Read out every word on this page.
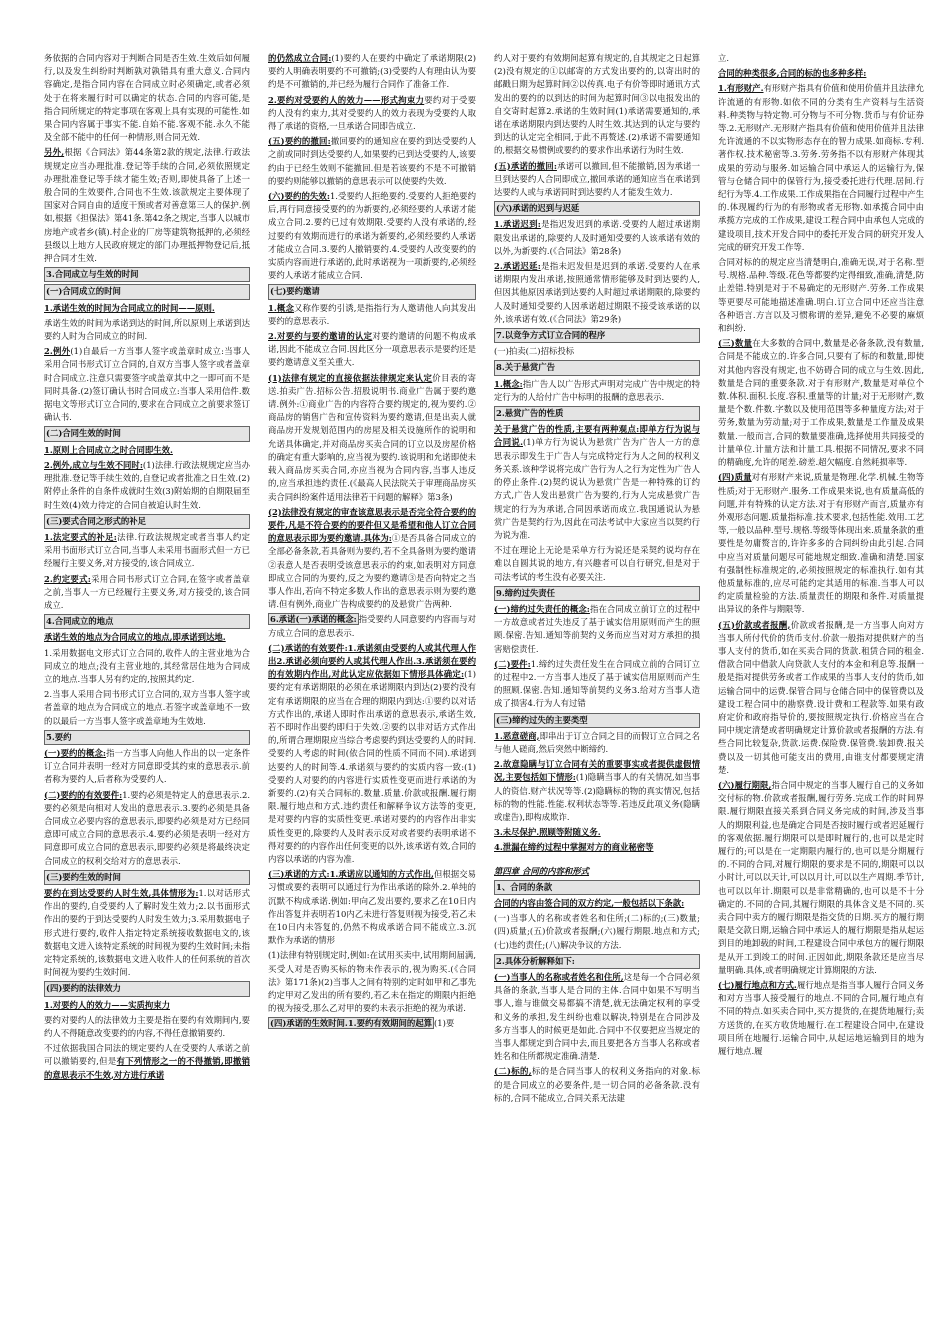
务依据的合同内容对于判断合同是否生效.生效后如何履行,以及发生纠纷时判断孰对孰错具有重大意义.合同内容确定,是指合同内容在合同成立时必须确定,或者必须处于在将来履行时可以确定的状态.合同的内容可能,是指合同所规定的特定事项在客观上具有实现的可能性.如果合同内容属于事实不能.自始不能.客观不能.永久不能及全部不能中的任何一种情形,则合同无效.

另外,根据《合同法》第44条第2款的规定,法律.行政法规规定应当办理批准.登记等手续的合同,必须依照规定办理批准登记等手续才能生效;否则,即使具备了上述一般合同的生效要件,合同也不生效.该款规定主要体现了国家对合同自由的适度干预或者对善意第三人的保护.例如,根据《担保法》第41条.第42条之规定,当事人以城市房地产或者乡(镇).村企业的厂房等建筑物抵押的,必须经县级以上地方人民政府规定的部门办理抵押物登记后,抵押合同才生效.

3.合同成立与生效的时间

(一)合同成立的时间

1.承诺生效的时间为合同成立的时间——原则.

承诺生效的时间为承诺到达的时间,所以原则上承诺到达要约人时为合同成立的时间.

2.例外(1)自最后一方当事人签字或盖章时成立:当事人采用合同书形式订立合同的,自双方当事人签字或者盖章时合同成立.注意只需要签字或盖章其中之一即可而不是同时具备.(2)签订确认书时合同成立:当事人采用信件.数据电文等形式订立合同的,要求在合同成立之前要求签订确认书.

(二)合同生效的时间

1.原则上合同成立之时合同即生效.

2.例外,成立与生效不同时:(1)法律.行政法规规定应当办理批准.登记等手续生效的,自登记或者批准之日生效.(2)附停止条件的自条件成就时生效(3)附始期的自期限届至时生效(4)效力待定的合同自被追认时生效.

(三)要式合同之形式的补足

1.法定要式的补足:法律.行政法规规定或者当事人约定采用书面形式订立合同,当事人未采用书面形式但一方已经履行主要义务,对方接受的,该合同成立.

2.约定要式:采用合同书形式订立合同,在签字或者盖章之前,当事人一方已经履行主要义务,对方接受的,该合同成立.

4.合同成立的地点

承诺生效的地点为合同成立的地点,即承诺到达地.

1.采用数据电文形式订立合同的,收件人的主营业地为合同成立的地点;没有主营业地的,其经常居住地为合同成立的地点.当事人另有约定的,按照其约定.

2.当事人采用合同书形式订立合同的,双方当事人签字或者盖章的地点为合同成立的地点.若签字或盖章地不一致的以最后一方当事人签字或盖章地为生效地.

5.要约

(一)要约的概念:指一方当事人向他人作出的以一定条件订立合同并表明一经对方同意即受其约束的意思表示.前者称为要约人,后者称为受要约人.

(二)要约的有效要件:1.要约必须是特定人的意思表示.2.要约必须是向相对人发出的意思表示.3.要约必须是具备合同成立必要内容的意思表示,即要约必须是对方已经同意即可成立合同的意思表示.4.要约必须是表明一经对方同意即可成立合同的意思表示,即要约必须是将最终决定合同成立的权利交给对方的意思表示.

(三)要约生效的时间

要约在到达受要约人时生效,具体情形为:1.以对话形式作出的要约,自受要约人了解时发生效力;2.以书面形式作出的要约于到达受要约人时发生效力;3.采用数据电子形式进行要约,收件人指定特定系统接收数据电文的,该数据电文进入该特定系统的时间视为要约生效时间;未指定特定系统的,该数据电文进入收件人的任何系统的首次时间视为要约生效时间.

(四)要约的法律效力

1.对要约人的效力——实质拘束力

要约对要约人的法律效力主要是指在要约有效期间内,要约人不得随意改变要约的内容,不得任意撤销要约.

不过依据我国合同法的规定要约人在受要约人承诺之前可以撤销要约,但是有下列情形之一的不得撤销,即撤销的意思表示不生效,对方进行承诺

的仍然成立合同:(1)要约人在要约中确定了承诺期限(2)要约人明确表明要约不可撤销;(3)受要约人有理由认为要约是不可撤销的,并已经为履行合同作了准备工作.

2.要约对受要约人的效力——形式拘束力要约对于受要约人没有约束力,其对受要约人的效力表现为受要约人取得了承诺的资格,一旦承诺合同即告成立.

(五)要约的撤回:撤回要约的通知应在要约到达受要约人之前或同时到达受要约人,如果要约已到达受要约人,该要约由于已经生效则不能撤回.但是若该要约不是不可撤销的要约则能够以撤销的意思表示可以使要约失效.

(六)要约的失效:1.受要约人拒绝要约.受要约人拒绝要约后,再行同意接受要约的为新要约,必须经要约人承诺才能成立合同.2.要约已过有效期限.受要约人没有承诺的,经过要约有效期而进行的承诺为新要约,必须经要约人承诺才能成立合同.3.要约人撤销要约.4.受要约人改变要约的实质内容而进行承诺的,此时承诺视为一项新要约,必须经要约人承诺才能成立合同.

(七)要约邀请

1.概念又称作要约引诱,是指指行为人邀请他人向其发出要约的意思表示.

2.对要约与要约邀请的认定对要约邀请的问题不构成承诺,因此不能成立合同.因此区分一项意思表示是要约还是要约邀请意义至关重大.

(1)法律有规定的直接依据法律规定来认定价目表的寄送.拍卖广告.招标公告.招股说明书.商业广告属于要约邀请.例外:①商业广告的内容符合要约规定的,视为要约.②商品房的销售广告和宣传资料为要约邀请,但是出卖人就商品房开发规划范围内的房屋及相关设施所作的说明和允诺具体确定,并对商品房买卖合同的订立以及房屋价格的确定有重大影响的,应当视为要约.该说明和允诺即使未载入商品房买卖合同,亦应当视为合同内容,当事人违反的,应当承担违约责任.(《最高人民法院关于审理商品房买卖合同纠纷案件适用法律若干问题的解释》第3条)

(2)法律没有规定的审查该意思表示是否完全符合要约的要件,凡是不符合要约的要件但又是希望和他人订立合同的意思表示即为要约邀请.具体为:①是否具备合同成立的全部必备条款,若具备则为要约,若不全具备则为要约邀请②表意人是否表明受该意思表示的约束,如表明对方同意即成立合同的为要约,反之为要约邀请③是否向特定之当事人作出,若向不特定多数人作出的意思表示则为要约邀请.但有例外,商业广告构成要约的及悬赏广告两种.

6.承诺(一)承诺的概念: 指受要约人同意要约内容而与对方成立合同的意思表示.

(二)承诺的有效要件:1.承诺须由受要约人或其代理人作出2.承诺必须向要约人或其代理人作出.3.承诺须在要约的有效期内作出,对此认定应依据如下情形具体确定:(1)要约定有承诺期限的必须在承诺期限内到达(2)要约没有定有承诺期限的应当在合理的期限内到达:①要约以对话方式作出的,承诺人即时作出承诺的意思表示,承诺生效,若不即时作出要约即归于失效.②要约以非对话方式作出的,所谓合理期限应当综合考虑要约到达受要约人的时间.受要约人考虑的时间(依合同的性质不同而不同).承诺到达要约人的时间等.4.承诺须与要约的实质内容一致:(1)受要约人对要约的内容进行实质性变更而进行承诺的为新要约.(2)有关合同标的.数量.质量.价款或报酬.履行期限.履行地点和方式.违约责任和解释争议方法等的变更,是对要约内容的实质性变更.承诺对要约的内容作出非实质性变更的,除要约人及时表示反对或者要约表明承诺不得对要约的内容作出任何变更的以外,该承诺有效,合同的内容以承诺的内容为准.

(三)承诺的方式:1.承诺应以通知的方式作出,但根据交易习惯或要约表明可以通过行为作出承诺的除外.2.单纯的沉默不构成承诺.例如:甲向乙发出要约,要求乙在10日内作出答复并表明若10内乙未进行答复则视为接受,若乙未在10日内未答复的,仍然不构成承诺合同不能成立.3.沉默作为承诺的情形

(1)法律有特别规定时,例如:在试用买卖中,试用期间届满,买受人对是否购买标的物未作表示的,视为购买.(《合同法》第171条)(2)当事人之间有特别约定时如甲和乙事先约定甲对乙发出的所有要约,若乙未在指定的期限内拒绝的视为接受,那么乙对甲的要约未表示拒绝的视为承诺.

(四)承诺的生效时间.1.要约有效期间的起算 (1)要

约人对于要约有效期间起算有规定的,自其规定之日起算(2)没有规定的①以邮寄的方式发出要约的,以寄出时的邮戳日期为起算时间②以传真.电子有价等即时通讯方式发出的要约的以到达的时间为起算时间③以电报发出的自交寄时起算2.承诺的生效时间(1)承诺需要通知的,承诺在承诺期限内到达要约人时生效.其达到的认定与要约到达的认定完全相同,于此不再赘述.(2)承诺不需要通知的,根据交易惯例或要约的要求作出承诺行为时生效.

(五)承诺的撤回:承诺可以撤回,但不能撤销,因为承诺一旦到达要约人合同即成立,撤回承诺的通知应当在承诺到达要约人或与承诺同时到达要约人才能发生效力.

(六)承诺的迟到与迟延

1.承诺迟到:是指迟发迟到的承诺.受要约人超过承诺期限发出承诺的,除要约人及时通知受要约人该承诺有效的以外,为新要约.(《合同法》第28条)

2.承诺迟延:是指未迟发但是迟到的承诺.受要约人在承诺期限内发出承诺,按照通常情形能够及时到达要约人,但因其他原因承诺到达要约人时超过承诺期限的,除要约人及时通知受要约人因承诺超过期限不接受该承诺的以外,该承诺有效.(《合同法》第29条)

7.以竞争方式订立合同的程序

(一)拍卖(二)招标投标

8.关于悬赏广告

1.概念:指广告人以广告形式声明对完成广告中规定的特定行为的人给付广告中标明的报酬的意思表示.

2.悬赏广告的性质

关于悬赏广告的性质,主要有两种观点:即单方行为说与合同说.(1)单方行为说认为悬赏广告为广告人一方的意思表示即发生于广告人与完成特定行为人之间的权利义务关系.该种学说将完成广告行为人之行为定性为广告人的停止条件.(2)契约说认为悬赏广告是一种特殊的订约方式,广告人发出悬赏广告为要约,行为人完成悬赏广告规定的行为为承诺,合同因承诺而成立.我国通说认为悬赏广告是契约行为,因此在司法考试中大家应当以契约行为说为准.

不过在理论上无论是采单方行为说还是采契约说均存在难以自圆其说的地方,有兴趣者可以自行研究,但是对于司法考试的考生没有必要关注.

9.缔约过失责任

(一)缔约过失责任的概念:指在合同成立前订立的过程中一方故意或者过失违反了基于诚实信用原则而产生的照顾.保密.告知.通知等前契约义务而应当对对方承担的损害赔偿责任.

(二)要件:1.缔约过失责任发生在合同成立前的合同订立的过程中2.一方当事人违反了基于诚实信用原则而产生的照顾.保密.告知.通知等前契约义务3.给对方当事人造成了损害4.行为人有过错

(三)缔约过失的主要类型

1.恶意磋商,即串出于订立合同之目的而假订立合同之名与他人磋商,然后突然中断缔约.

2.故意隐瞒与订立合同有关的重要事实或者提供虚假情况,主要包括如下情形:(1)隐瞒当事人的有关情况,如当事人的资信.财产状况等等.(2)隐瞒标的物的真实情况,包括标的物的性能.性能.权利状态等等.若违反此项义务(隐瞒或虚告),即构成欺诈.

3.未尽保护.照顾等附随义务.

4.泄漏在缔约过程中掌握对方的商业秘密等

第四章 合同的内容和形式

1、合同的条款

合同的内容由签合同的双方约定,一般包括以下条款:

(一)当事人的名称或者姓名和住所;(二)标的;(三)数量;(四)质量;(五)价款或者报酬;(六)履行期限.地点和方式;(七)违约责任;(八)解决争议的方法.

2.具体分析解释如下:

(一)当事人的名称或者姓名和住所,这是每一个合同必须具备的条款,当事人是合同的主体.合同中如果不写明当事人,谁与谁做交易都搞不清楚,就无法确定权利的享受和义务的承担,发生纠纷也难以解决,特别是在合同涉及多方当事人的时候更是如此.合同中不仅要把应当规定的当事人都规定到合同中去,而且要把各方当事人名称或者姓名和住所都规定准确.清楚.

(二)标的,标的是合同当事人的权利义务指向的对象.标的是合同成立的必要条件,是一切合同的必备条款.没有标的,合同不能成立,合同关系无法建

立.

合同的种类很多,合同的标的也多种多样:

1.有形财产.有形财产指具有价值和使用价值并且法律允许流通的有形物.如依不同的分类有生产资料与生活资料.种类物与特定物.可分物与不可分物.货币与有价证券等.2.无形财产.无形财产指具有价值和使用价值并且法律允许流通的不以实物形态存在的智力成果.如商标.专利.著作权.技术秘密等.3.劳务.劳务指不以有形财产体现其成果的劳动与服务.如运输合同中承运人的运输行为,保管与仓储合同中的保管行为,接受委托进行代理.居间.行纪行为等.4.工作成果.工作成果指在合同履行过程中产生的.体现履约行为的有形物或者无形物.如承揽合同中由承揽方完成的工作成果,建设工程合同中由承包人完成的建设项目,技术开发合同中的委托开发合同的研究开发人完成的研究开发工作等.

合同对标的的规定应当清楚明白,准确无误,对于名称.型号.规格.品种.等级.花色等都要约定得细致,准确,清楚,防止差错.特别是对于不易确定的无形财产.劳务.工作成果等更要尽可能地描述准确.明白.订立合同中还应当注意各种语言.方言以及习惯称谓的差异,避免不必要的麻烦和纠纷.

(三)数量在大多数的合同中,数量是必备条款,没有数量,合同是不能成立的.许多合同,只要有了标的和数量,即使对其他内容没有规定,也不妨碍合同的成立与生效.因此,数量是合同的重要条款.对于有形财产,数量是对单位个数.体积.面积.长度.容积.重量等的计量;对于无形财产,数量是个数.件数.字数以及使用范围等多种量度方法;对于劳务,数量为劳动量;对于工作成果,数量是工作量及成果数量.一般而言,合同的数量要准确,选择使用共同接受的计量单位.计量方法和计量工具.根据不同情况,要求不同的精确度,允许的尾差.磅差.超欠幅度.自然耗损率等.

(四)质量对有形财产来说,质量是物理.化学.机械.生物等性质;对于无形财产.服务.工作成果来说,也有质量高低的问题,并有特殊的认定方法.对于有形财产而言,质量亦有外观形态问题.质量指标准.技术要求,包括性能.效用.工艺等,一般以品种.型号.规格.等级等体现出来.质量条款的重要性是勿庸赘言的,许许多多的合同纠纷由此引起.合同中应当对质量问题尽可能地规定细致.准确和清楚.国家有强制性标准规定的,必须按照规定的标准执行.如有其他质量标准的,应尽可能约定其适用的标准.当事人可以约定质量检验的方法.质量责任的期限和条件.对质量提出异议的条件与期限等.

(五)价款或者报酬,价款或者报酬,是一方当事人向对方当事人所付代价的货币支付.价款一般指对提供财产的当事人支付的货币,如在买卖合同的货款.租赁合同的租金.借款合同中借款人向贷款人支付的本金和利息等.报酬一般是指对提供劳务或者工作成果的当事人支付的货币,如运输合同中的运费.保管合同与仓储合同中的保管费以及建设工程合同中的勘察费.设计费和工程款等.如果有政府定价和政府指导价的,要按照规定执行.价格应当在合同中规定清楚或者明确规定计算价款或者报酬的方法.有些合同比较复杂,货款.运费.保险费.保管费.装卸费.报关费以及一切其他可能支出的费用,由谁支付都要规定清楚.

(六)履行期限,指合同中规定的当事人履行自己的义务如交付标的物.价款或者报酬,履行劳务.完成工作的时间界限.履行期限直接关系到合同义务完成的时间,涉及当事人的期限利益,也是确定合同是否按时履行或者迟延履行的客观依据.履行期限可以是即时履行的,也可以是定时履行的;可以是在一定期限内履行的,也可以是分期履行的.不同的合同,对履行期限的要求是不同的,期限可以以小时计,可以以天计,可以以月计,可以以生产周期.季节计,也可以以年计.期限可以是非常精确的,也可以是不十分确定的.不同的合同,其履行期限的具体含义是不同的.买卖合同中卖方的履行期限是指交货的日期.买方的履行期限是交款日期,运输合同中承运人的履行期限是指从起运到目的地卸载的时间,工程建设合同中承包方的履行期限是从开工到竣工的时间.正因如此,期限条款还是应当尽量明确.具体,或者明确规定计算期限的方法.

(七)履行地点和方式.履行地点是指当事人履行合同义务和对方当事人接受履行的地点.不同的合同,履行地点有不同的特点.如买卖合同中,买方提货的,在提货地履行;卖方送货的,在买方收货地履行.在工程建设合同中,在建设项目所在地履行.运输合同中,从起运地运输到目的地为履行地点.履
